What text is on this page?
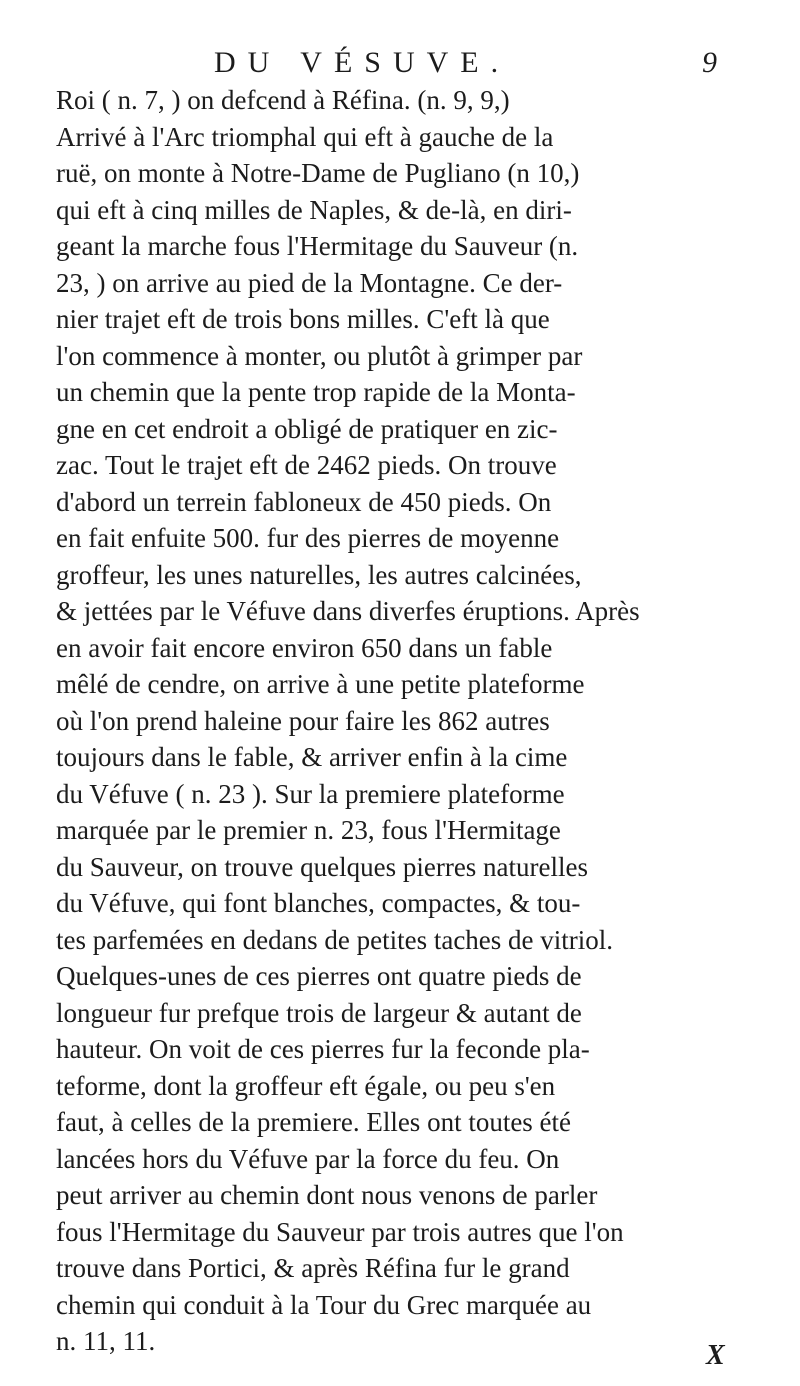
DU VÉSUVE.	9
Roi ( n. 7, ) on defcend à Réfina. (n. 9, 9,)
Arrivé à l'Arc triomphal qui eft à gauche de la
ruë, on monte à Notre-Dame de Pugliano (n 10,)
qui eft à cinq milles de Naples, & de-là, en diri-
geant la marche fous l'Hermitage du Sauveur (n.
23, ) on arrive au pied de la Montagne. Ce der-
nier trajet eft de trois bons milles. C'eft là que
l'on commence à monter, ou plutôt à grimper par
un chemin que la pente trop rapide de la Monta-
gne en cet endroit a obligé de pratiquer en zic-
zac. Tout le trajet eft de 2462 pieds. On trouve
d'abord un terrein fabloneux de 450 pieds. On
en fait enfuite 500. fur des pierres de moyenne
groffeur, les unes naturelles, les autres calcinées,
& jettées par le Véfuve dans diverfes éruptions. Après
en avoir fait encore environ 650 dans un fable
mêlé de cendre, on arrive à une petite plateforme
où l'on prend haleine pour faire les 862 autres
toujours dans le fable, & arriver enfin à la cime
du Véfuve ( n. 23 ). Sur la premiere plateforme
marquée par le premier n. 23, fous l'Hermitage
du Sauveur, on trouve quelques pierres naturelles
du Véfuve, qui font blanches, compactes, & tou-
tes parfemées en dedans de petites taches de vitriol.
Quelques-unes de ces pierres ont quatre pieds de
longueur fur prefque trois de largeur & autant de
hauteur. On voit de ces pierres fur la feconde pla-
teforme, dont la groffeur eft égale, ou peu s'en
faut, à celles de la premiere. Elles ont toutes été
lancées hors du Véfuve par la force du feu. On
peut arriver au chemin dont nous venons de parler
fous l'Hermitage du Sauveur par trois autres que l'on
trouve dans Portici, & après Réfina fur le grand
chemin qui conduit à la Tour du Grec marquée au
n. 11, 11.	X
